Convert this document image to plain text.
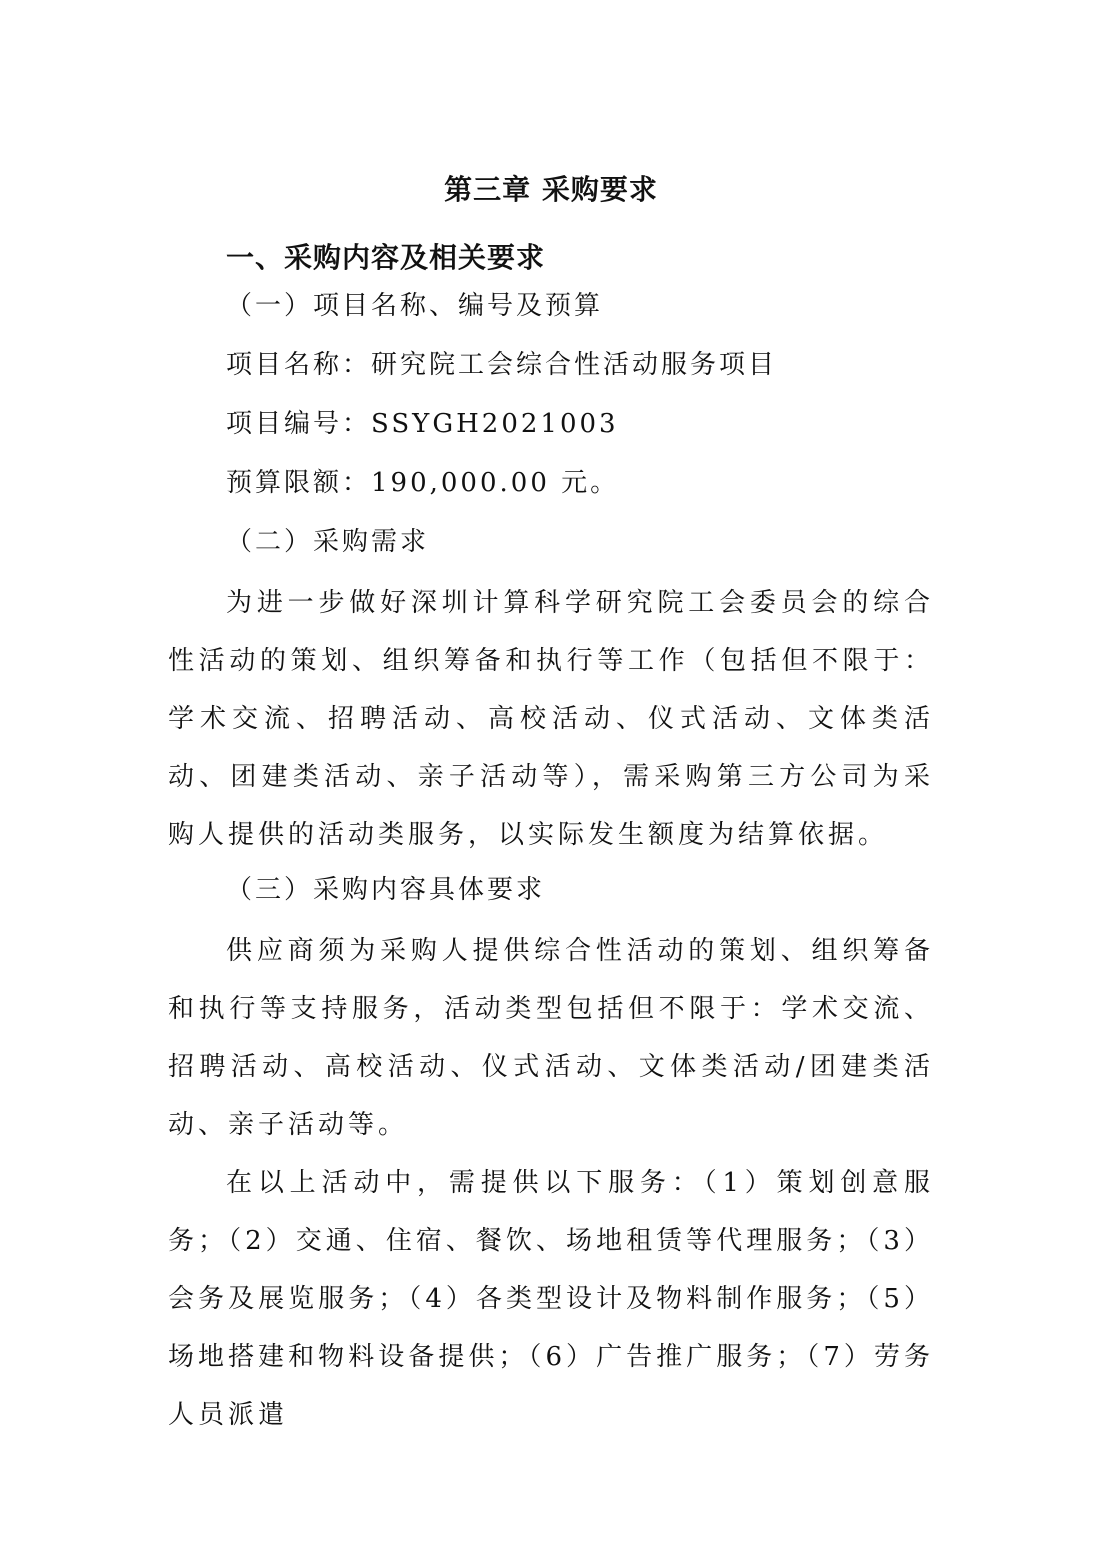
第三章 采购要求
一、采购内容及相关要求
（一）项目名称、编号及预算
项目名称：研究院工会综合性活动服务项目
项目编号：SSYGH2021003
预算限额：190,000.00 元。
（二）采购需求

为进一步做好深圳计算科学研究院工会委员会的综合性活动的策划、组织筹备和执行等工作（包括但不限于：学术交流、招聘活动、高校活动、仪式活动、文体类活动、团建类活动、亲子活动等），需采购第三方公司为采购人提供的活动类服务，以实际发生额度为结算依据。

（三）采购内容具体要求

供应商须为采购人提供综合性活动的策划、组织筹备和执行等支持服务，活动类型包括但不限于：学术交流、招聘活动、高校活动、仪式活动、文体类活动/团建类活动、亲子活动等。

在以上活动中，需提供以下服务：（1）策划创意服务；（2）交通、住宿、餐饮、场地租赁等代理服务；（3）会务及展览服务；（4）各类型设计及物料制作服务；（5）场地搭建和物料设备提供；（6）广告推广服务；（7）劳务人员派遣
